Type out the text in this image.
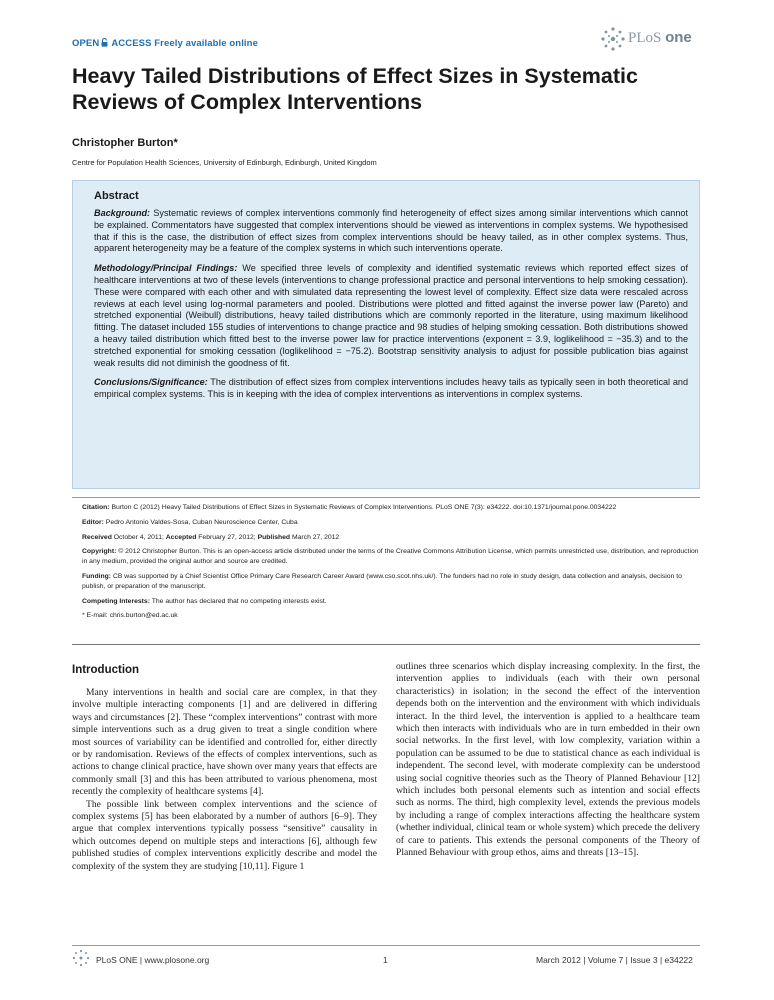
OPEN ACCESS Freely available online	PLoS one
Heavy Tailed Distributions of Effect Sizes in Systematic Reviews of Complex Interventions
Christopher Burton*
Centre for Population Health Sciences, University of Edinburgh, Edinburgh, United Kingdom
Abstract

Background: Systematic reviews of complex interventions commonly find heterogeneity of effect sizes among similar interventions which cannot be explained. Commentators have suggested that complex interventions should be viewed as interventions in complex systems. We hypothesised that if this is the case, the distribution of effect sizes from complex interventions should be heavy tailed, as in other complex systems. Thus, apparent heterogeneity may be a feature of the complex systems in which such interventions operate.

Methodology/Principal Findings: We specified three levels of complexity and identified systematic reviews which reported effect sizes of healthcare interventions at two of these levels (interventions to change professional practice and personal interventions to help smoking cessation). These were compared with each other and with simulated data representing the lowest level of complexity. Effect size data were rescaled across reviews at each level using log-normal parameters and pooled. Distributions were plotted and fitted against the inverse power law (Pareto) and stretched exponential (Weibull) distributions, heavy tailed distributions which are commonly reported in the literature, using maximum likelihood fitting. The dataset included 155 studies of interventions to change practice and 98 studies of helping smoking cessation. Both distributions showed a heavy tailed distribution which fitted best to the inverse power law for practice interventions (exponent = 3.9, loglikelihood = −35.3) and to the stretched exponential for smoking cessation (loglikelihood = −75.2). Bootstrap sensitivity analysis to adjust for possible publication bias against weak results did not diminish the goodness of fit.

Conclusions/Significance: The distribution of effect sizes from complex interventions includes heavy tails as typically seen in both theoretical and empirical complex systems. This is in keeping with the idea of complex interventions as interventions in complex systems.

Citation: Burton C (2012) Heavy Tailed Distributions of Effect Sizes in Systematic Reviews of Complex Interventions. PLoS ONE 7(3): e34222. doi:10.1371/journal.pone.0034222

Editor: Pedro Antonio Valdes-Sosa, Cuban Neuroscience Center, Cuba

Received October 4, 2011; Accepted February 27, 2012; Published March 27, 2012

Copyright: © 2012 Christopher Burton. This is an open-access article distributed under the terms of the Creative Commons Attribution License, which permits unrestricted use, distribution, and reproduction in any medium, provided the original author and source are credited.

Funding: CB was supported by a Chief Scientist Office Primary Care Research Career Award (www.cso.scot.nhs.uk/). The funders had no role in study design, data collection and analysis, decision to publish, or preparation of the manuscript.

Competing Interests: The author has declared that no competing interests exist.

* E-mail: chris.burton@ed.ac.uk

Introduction

Many interventions in health and social care are complex, in that they involve multiple interacting components [1] and are delivered in differing ways and circumstances [2]. These “complex interventions” contrast with more simple interventions such as a drug given to treat a single condition where most sources of variability can be identified and controlled for, either directly or by randomisation. Reviews of the effects of complex interventions, such as actions to change clinical practice, have shown over many years that effects are commonly small [3] and this has been attributed to various phenomena, most recently the complexity of healthcare systems [4].

The possible link between complex interventions and the science of complex systems [5] has been elaborated by a number of authors [6–9]. They argue that complex interventions typically possess “sensitive” causality in which outcomes depend on multiple steps and interactions [6], although few published studies of complex interventions explicitly describe and model the complexity of the system they are studying [10,11]. Figure 1

outlines three scenarios which display increasing complexity. In the first, the intervention applies to individuals (each with their own personal characteristics) in isolation; in the second the effect of the intervention depends both on the intervention and the environment with which individuals interact. In the third level, the intervention is applied to a healthcare team which then interacts with individuals who are in turn embedded in their own social networks. In the first level, with low complexity, variation within a population can be assumed to be due to statistical chance as each individual is independent. The second level, with moderate complexity can be understood using social cognitive theories such as the Theory of Planned Behaviour [12] which includes both personal elements such as intention and social effects such as norms. The third, high complexity level, extends the previous models by including a range of complex interactions affecting the healthcare system (whether individual, clinical team or whole system) which precede the delivery of care to patients. This extends the personal components of the Theory of Planned Behaviour with group ethos, aims and threats [13–15].

PLoS ONE | www.plosone.org	1	March 2012 | Volume 7 | Issue 3 | e34222
